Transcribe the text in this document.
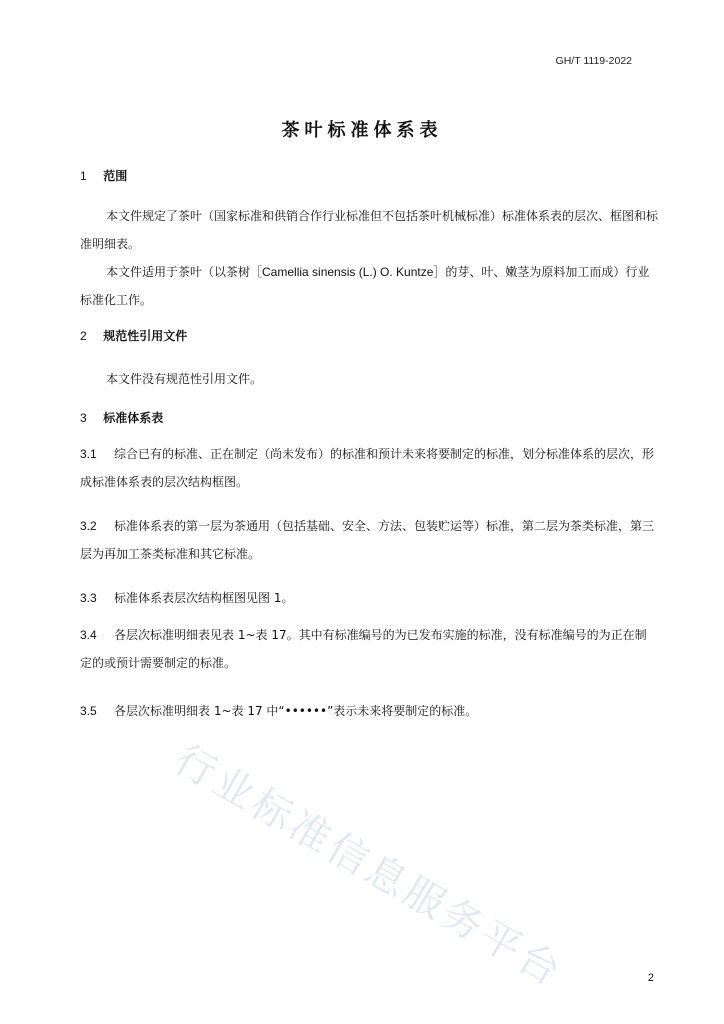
GH/T 1119-2022
茶叶标准体系表
1 范围

本文件规定了茶叶（国家标准和供销合作行业标准但不包括茶叶机械标准）标准体系表的层次、框图和标准明细表。

本文件适用于茶叶（以茶树［Camellia sinensis (L.) O. Kuntze］的芽、叶、嫩茎为原料加工而成）行业标准化工作。

2 规范性引用文件

本文件没有规范性引用文件。

3 标准体系表

3.1 综合已有的标准、正在制定（尚未发布）的标准和预计未来将要制定的标准，划分标准体系的层次，形成标准体系表的层次结构框图。

3.2 标准体系表的第一层为茶通用（包括基础、安全、方法、包装贮运等）标准，第二层为茶类标准，第三层为再加工茶类标准和其它标准。

3.3 标准体系表层次结构框图见图 1。

3.4 各层次标准明细表见表 1~表 17。其中有标准编号的为已发布实施的标准，没有标准编号的为正在制定的或预计需要制定的标准。

3.5 各层次标准明细表 1~表 17 中“••••••”表示未来将要制定的标准。

行业标准信息服务平台	2
